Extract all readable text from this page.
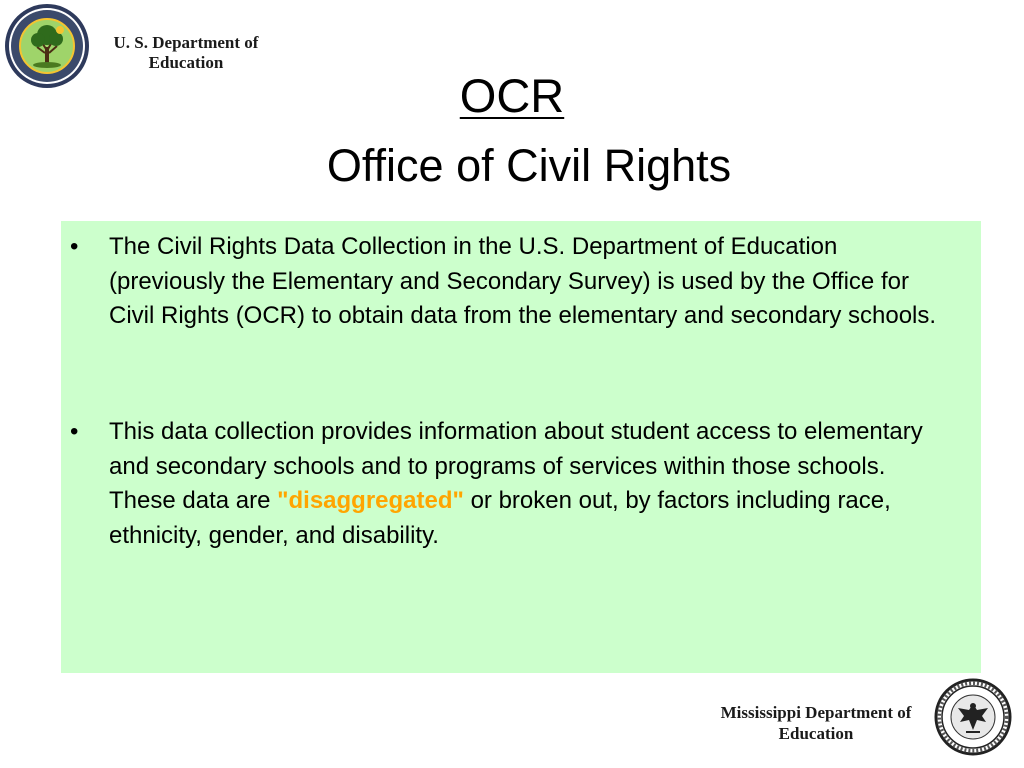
U. S. Department of
Education
OCR
Office of Civil Rights
•	The Civil Rights Data Collection in the U.S. Department of Education (previously the Elementary and Secondary Survey) is used by the Office for Civil Rights (OCR) to obtain data from the elementary and secondary schools.
•	This data collection provides information about student access to elementary and secondary schools and to programs of services within those schools. These data are "disaggregated" or broken out, by factors including race, ethnicity, gender, and disability.
Mississippi Department of
Education
